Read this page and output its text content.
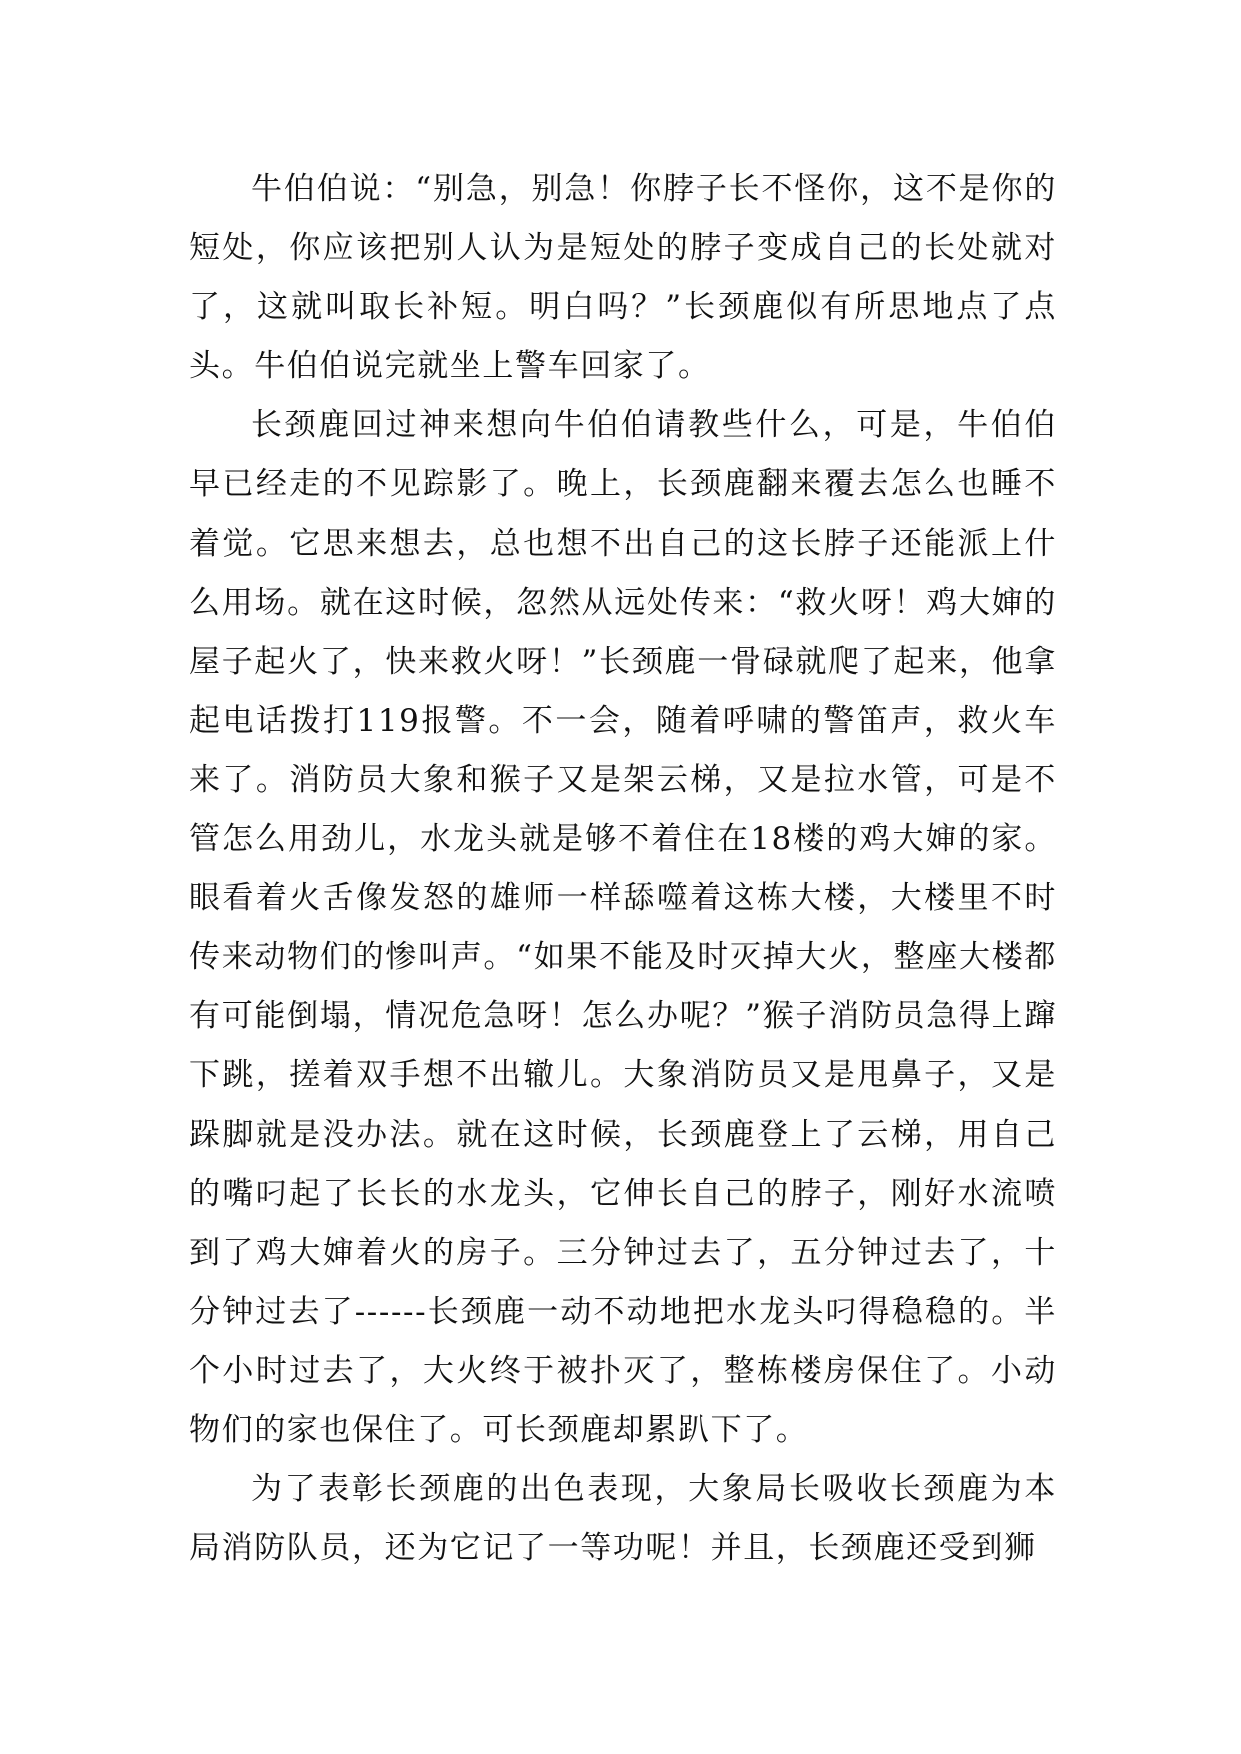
牛伯伯说：“别急，别急！你脖子长不怪你，这不是你的短处，你应该把别人认为是短处的脖子变成自己的长处就对了，这就叫取长补短。明白吗？”长颈鹿似有所思地点了点头。牛伯伯说完就坐上警车回家了。

长颈鹿回过神来想向牛伯伯请教些什么，可是，牛伯伯早已经走的不见踪影了。晚上，长颈鹿翻来覆去怎么也睡不着觉。它思来想去，总也想不出自己的这长脖子还能派上什么用场。就在这时候，忽然从远处传来：“救火呀！鸡大婶的屋子起火了，快来救火呀！”长颈鹿一骨碌就爬了起来，他拿起电话拨打119报警。不一会，随着呼啸的警笛声，救火车来了。消防员大象和猴子又是架云梯，又是拉水管，可是不管怎么用劲儿，水龙头就是够不着住在18楼的鸡大婶的家。眼看着火舌像发怒的雄师一样舔噬着这栋大楼，大楼里不时传来动物们的惨叫声。“如果不能及时灭掉大火，整座大楼都有可能倒塌，情况危急呀！怎么办呢？”猴子消防员急得上蹿下跳，搓着双手想不出辙儿。大象消防员又是甩鼻子，又是跺脚就是没办法。就在这时候，长颈鹿登上了云梯，用自己的嘴叼起了长长的水龙头，它伸长自己的脖子，刚好水流喷到了鸡大婶着火的房子。三分钟过去了，五分钟过去了，十分钟过去了------长颈鹿一动不动地把水龙头叼得稳稳的。半个小时过去了，大火终于被扑灭了，整栋楼房保住了。小动物们的家也保住了。可长颈鹿却累趴下了。

为了表彰长颈鹿的出色表现，大象局长吸收长颈鹿为本局消防队员，还为它记了一等功呢！并且，长颈鹿还受到狮
